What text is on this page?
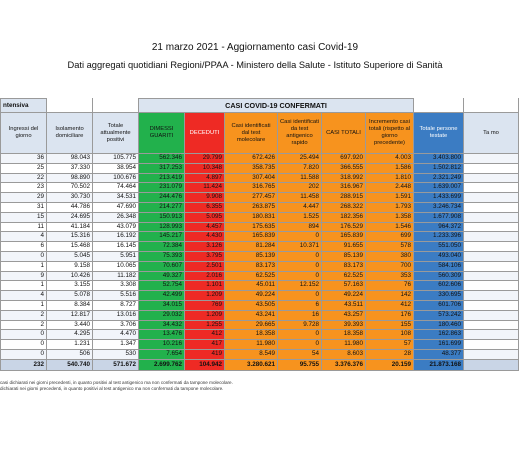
21 marzo 2021 - Aggiornamento casi Covid-19
Dati aggregati quotidiani Regioni/PPAA - Ministero della Salute - Istituto Superiore di Sanità
ntensiva			CASI COVID-19 CONFERMATI							
Ingressi del giorno	Isolamento domiciliare	Totale attualmente positivi	DIMESSI GUARITI	DECEDUTI	Casi identificati dal test molecolare	Casi identificati da test antigenico rapido	CASI TOTALI	Incremento casi totali (rispetto al giorno precedente)	Totale persone testate	Ta mo
36	98.043	105.775	562.346	29.799	672.426	25.494	697.920	4.003	3.403.800	
25	37.330	38.954	317.253	10.348	358.735	7.820	366.555	1.586	1.502.812	
22	98.890	100.676	213.419	4.897	307.404	11.588	318.992	1.810	2.321.249	
23	70.502	74.464	231.079	11.424	316.765	202	316.967	2.448	1.639.007	
29	30.730	34.531	244.476	9.908	277.457	11.458	288.915	1.591	1.433.699	
31	44.786	47.690	214.277	6.355	263.875	4.447	268.322	1.793	3.246.734	
15	24.695	26.348	150.913	5.095	180.831	1.525	182.356	1.358	1.677.908	
11	41.184	43.079	128.993	4.457	175.635	894	176.529	1.546	964.372	
4	15.316	16.192	145.217	4.430	165.839	0	165.839	699	1.233.396	
6	15.468	16.145	72.384	3.126	81.284	10.371	91.655	578	551.050	
0	5.045	5.951	75.393	3.795	85.139	0	85.139	380	493.040	
1	9.158	10.065	70.607	2.501	83.173	0	83.173	700	584.106	
9	10.426	11.182	49.327	2.016	62.525	0	62.525	353	560.309	
1	3.155	3.308	52.754	1.101	45.011	12.152	57.163	76	602.606	
4	5.078	5.516	42.499	1.209	49.224	0	49.224	142	330.695	
1	8.384	8.727	34.015	769	43.505	6	43.511	412	601.706	
2	12.817	13.016	29.032	1.209	43.241	16	43.257	176	573.242	
2	3.440	3.706	34.432	1.255	29.665	9.728	39.393	155	180.460	
0	4.295	4.470	13.476	412	18.358	0	18.358	108	162.863	
0	1.231	1.347	10.216	417	11.980	0	11.980	57	161.699	
0	506	530	7.654	419	8.549	54	8.603	28	48.377	
232	540.740	571.672	2.699.762	104.942	3.280.621	95.755	3.376.376	20.159	21.873.168	
casi dichiarati nei giorni precedenti, in quanto positivi al test antigenico ma non confermati da tampone molecolare.
dichiarati nei giorni precedenti, in quanto positivi al test antigenico ma non confermati da tampone molecolare.
